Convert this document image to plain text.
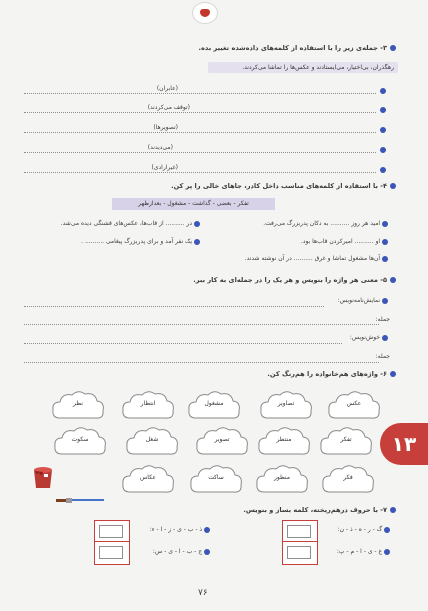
۳- جمله‌ی زیر را با استفاده از کلمه‌های داده‌شده تغییر بده.
رهگذران، بی‌اختیار، می‌ایستادند و عکس‌ها را تماشا می‌کردند.
(عابران)
(توقف می‌کردند)
(تصویرها)
(می‌دیدند)
(غیرارادی)
۴- با استفاده از کلمه‌های مناسب داخل کادر، جاهای خالی را پر کن.
تفکر - بعضی - گذاشت - مشغول - بعدازظهر
امید هر روز .......... به دکان پدربزرگ می‌رفت.
در .......... از قاب‌ها، عکس‌های قشنگی دیده می‌شد.
او .......... امیرکردن قاب‌ها بود.
یک نفر آمد و برای پدربزرگ پیغامی .......... .
آن‌ها مشغول تماشا و غرق .......... در آن نوشته شدند.
۵- معنی هر واژه را بنویس و هر یک را در جمله‌ای به کار ببر.
نمایش‌نامه‌نویس:
جمله:
خوش‌نویس:
جمله:
۶- واژه‌های هم‌خانواده را هم‌رنگ کن.
عکس
تصاویر
مشغول
انتظار
نظر
تفکر
منتظر
تصویر
شغل
سکوت
فکر
منظور
ساکت
عکاس
۷- با حروف درهم‌ریخته، کلمه بساز و بنویس.
گ - ر - ه - ذ - ن:
ذ - ب - ی - ز - ا - ء:
غ - ی - ا - م - پ:
ج - ب - ا - ی - س:
۱۳
۷۶
